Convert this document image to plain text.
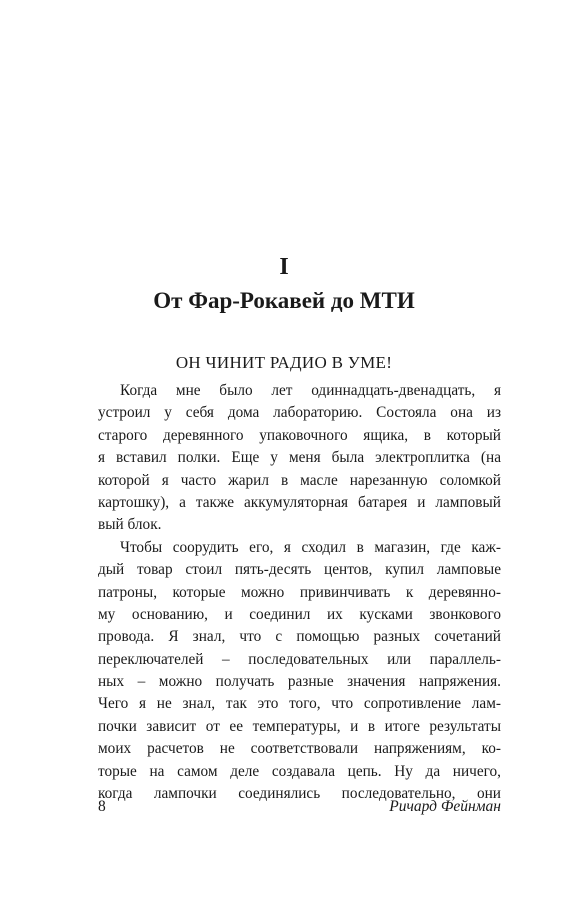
I
От Фар-Рокавей до МТИ
ОН ЧИНИТ РАДИО В УМЕ!
Когда мне было лет одиннадцать-двенадцать, я
устроил у себя дома лабораторию. Состояла она из
старого деревянного упаковочного ящика, в который
я вставил полки. Еще у меня была электроплитка (на
которой я часто жарил в масле нарезанную соломкой
картошку), а также аккумуляторная батарея и ламповый
вый блок.
Чтобы соорудить его, я сходил в магазин, где каж-
дый товар стоил пять-десять центов, купил ламповые
патроны, которые можно привинчивать к деревянно-
му основанию, и соединил их кусками звонкового
провода. Я знал, что с помощью разных сочетаний
переключателей – последовательных или параллель-
ных – можно получать разные значения напряжения.
Чего я не знал, так это того, что сопротивление лам-
почки зависит от ее температуры, и в итоге результаты
моих расчетов не соответствовали напряжениям, ко-
торые на самом деле создавала цепь. Ну да ничего,
когда лампочки соединялись последовательно, они
8	Ричард Фейнман
